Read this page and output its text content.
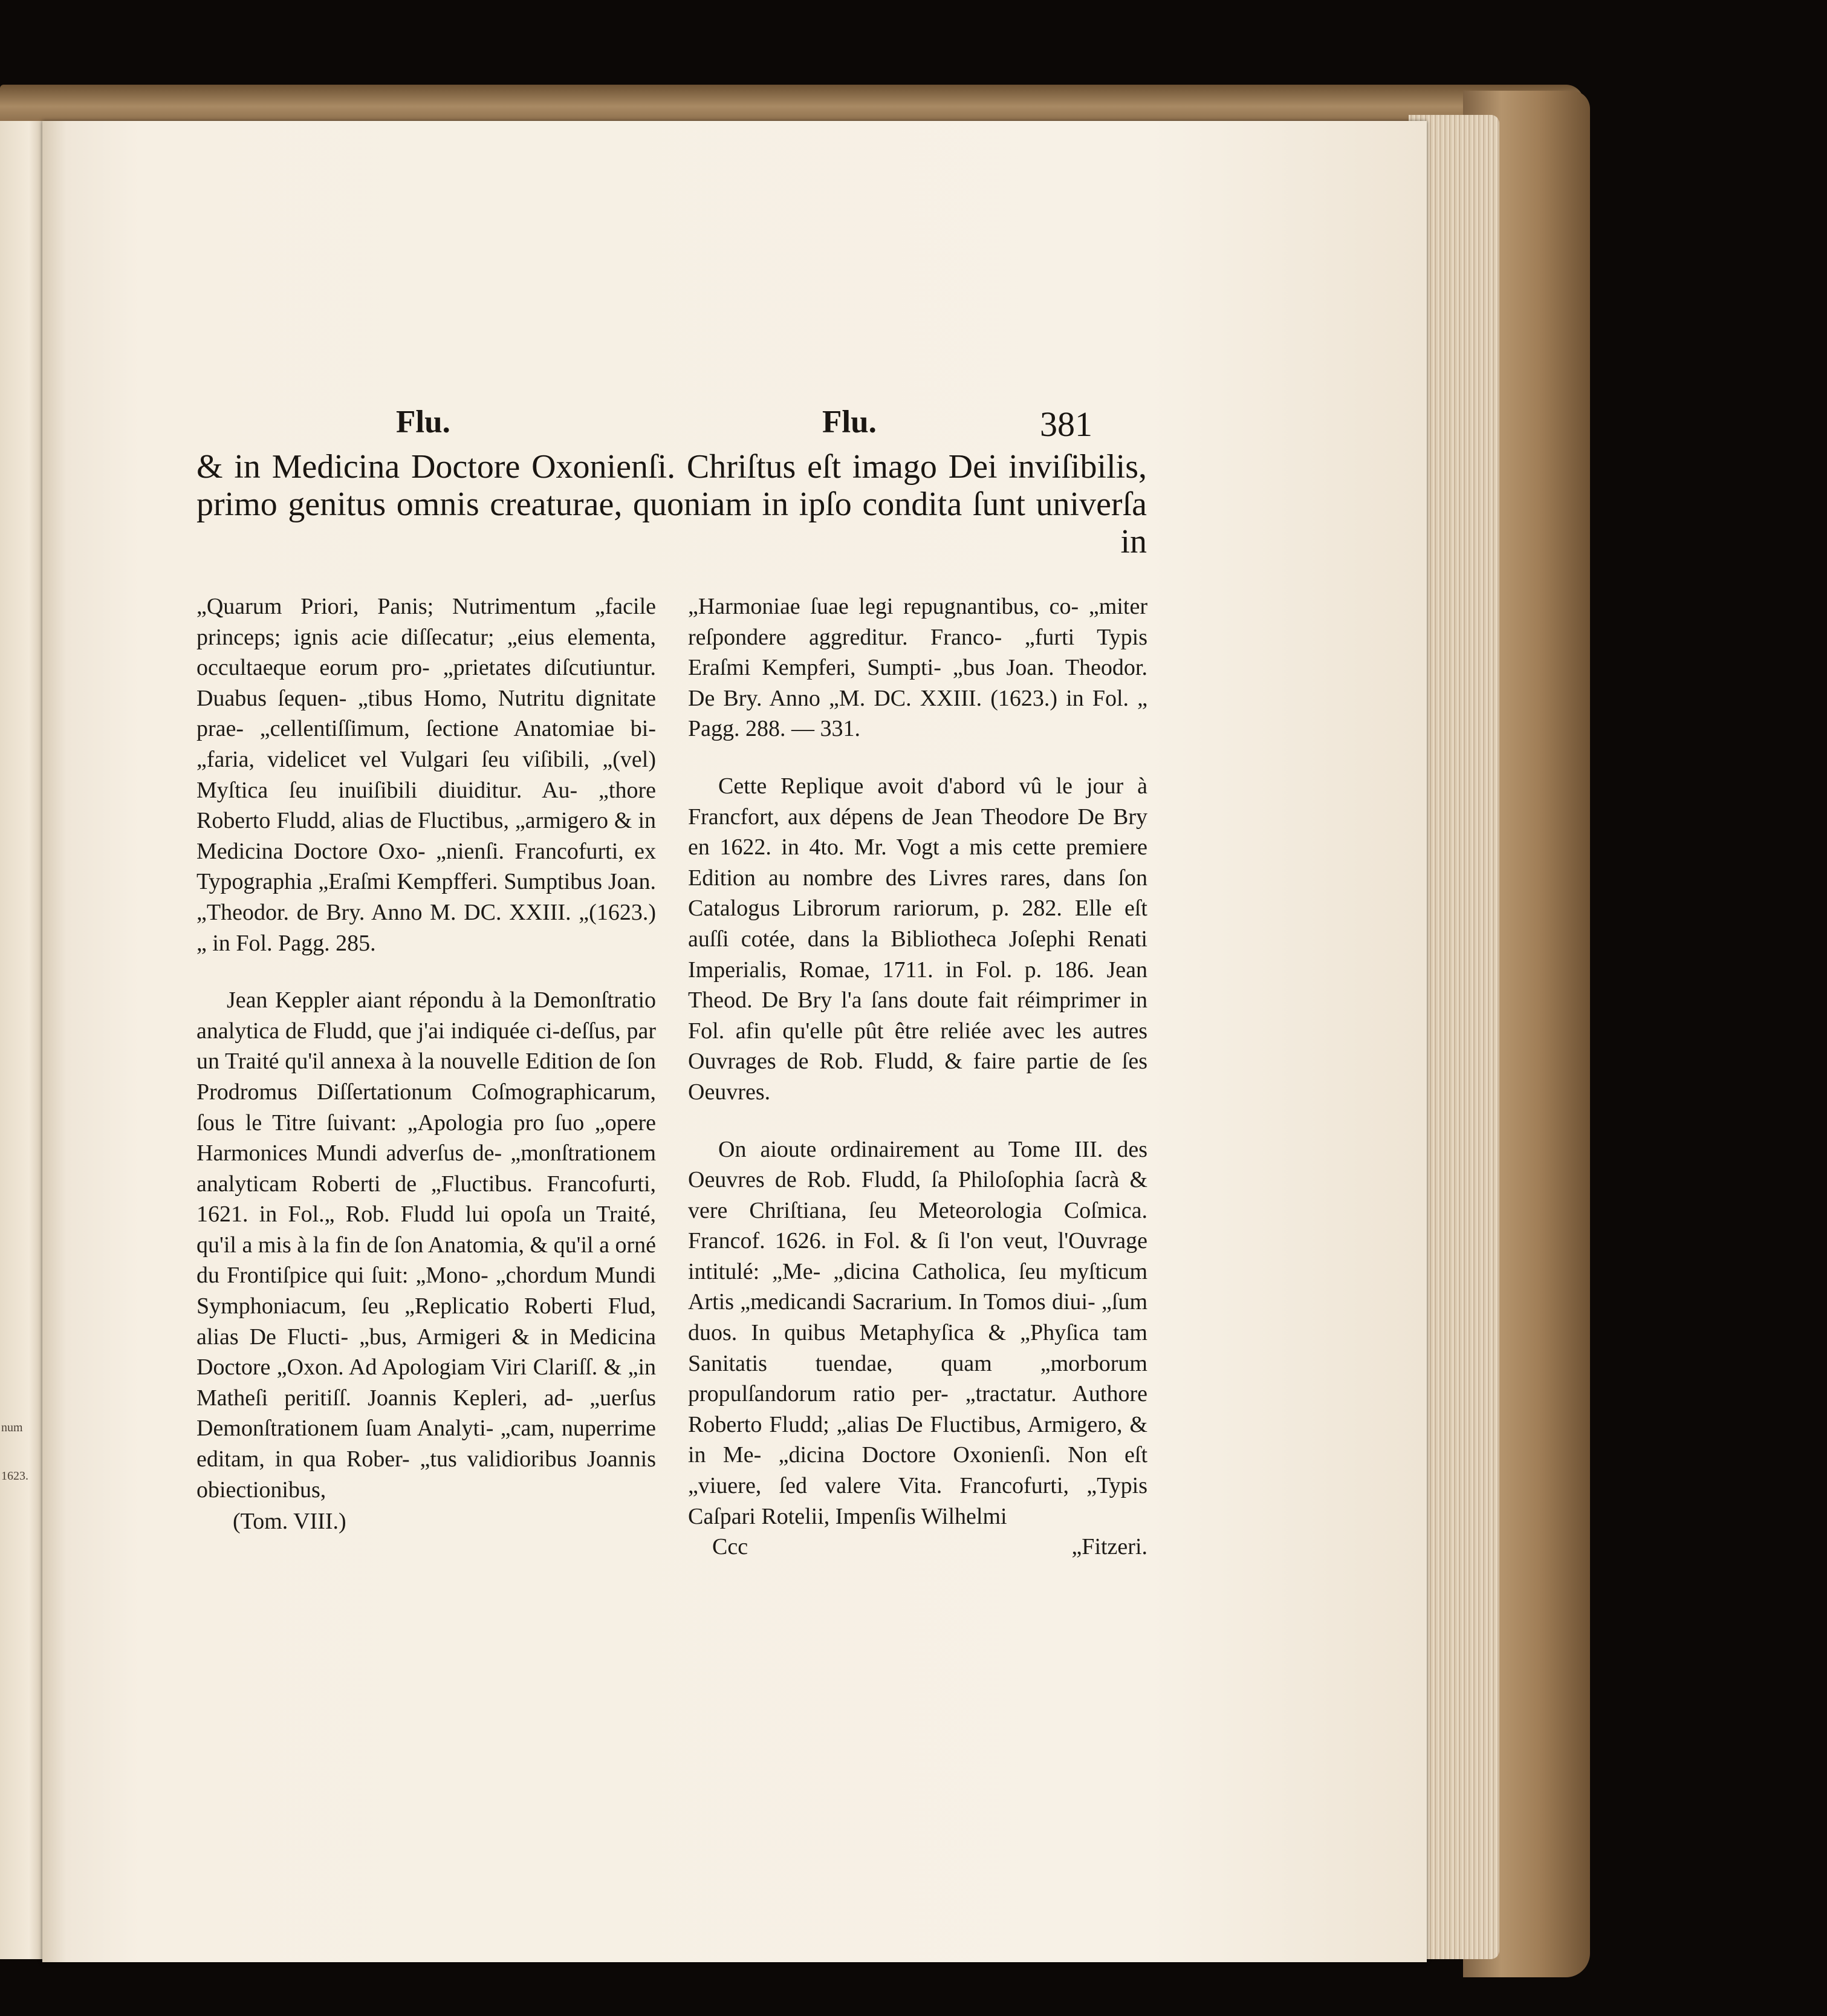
num
1623.
Flu.	Flu.	381
& in Medicina Doctore Oxonienſi. Chriſtus eſt imago Dei inviſibilis,
primo genitus omnis creaturae, quoniam in ipſo condita ſunt univerſa
in

„Quarum Priori, Panis; Nutrimentum „facile princeps; ignis acie diſſecatur; „eius elementa, occultaeque eorum pro- „prietates diſcutiuntur. Duabus ſequen- „tibus Homo, Nutritu dignitate prae- „cellentiſſimum, ſectione Anatomiae bi- „faria, videlicet vel Vulgari ſeu viſibili, „(vel) Myſtica ſeu inuiſibili diuiditur. Au- „thore Roberto Fludd, alias de Fluctibus, „armigero & in Medicina Doctore Oxo- „nienſi. Francofurti, ex Typographia „Eraſmi Kempfferi. Sumptibus Joan. „Theodor. de Bry. Anno M. DC. XXIII. „(1623.) „ in Fol. Pagg. 285.

Jean Keppler aiant répondu à la Demonſtratio analytica de Fludd, que j'ai indiquée ci-deſſus, par un Traité qu'il annexa à la nouvelle Edition de ſon Prodromus Diſſertationum Coſmographicarum, ſous le Titre ſuivant: „Apologia pro ſuo „opere Harmonices Mundi adverſus de- „monſtrationem analyticam Roberti de „Fluctibus. Francofurti, 1621. in Fol.„ Rob. Fludd lui opoſa un Traité, qu'il a mis à la fin de ſon Anatomia, & qu'il a orné du Frontiſpice qui ſuit: „Mono- „chordum Mundi Symphoniacum, ſeu „Replicatio Roberti Flud, alias De Flucti- „bus, Armigeri & in Medicina Doctore „Oxon. Ad Apologiam Viri Clariſſ. & „in Matheſi peritiſſ. Joannis Kepleri, ad- „uerſus Demonſtrationem ſuam Analyti- „cam, nuperrime editam, in qua Rober- „tus validioribus Joannis obiectionibus,

(Tom. VIII.)

„Harmoniae ſuae legi repugnantibus, co- „miter reſpondere aggreditur. Franco- „furti Typis Eraſmi Kempferi, Sumpti- „bus Joan. Theodor. De Bry. Anno „M. DC. XXIII. (1623.) in Fol. „ Pagg. 288. — 331.

Cette Replique avoit d'abord vû le jour à Francfort, aux dépens de Jean Theodore De Bry en 1622. in 4to. Mr. Vogt a mis cette premiere Edition au nombre des Livres rares, dans ſon Catalogus Librorum rariorum, p. 282. Elle eſt auſſi cotée, dans la Bibliotheca Joſephi Renati Imperialis, Romae, 1711. in Fol. p. 186. Jean Theod. De Bry l'a ſans doute fait réimprimer in Fol. afin qu'elle pût être reliée avec les autres Ouvrages de Rob. Fludd, & faire partie de ſes Oeuvres.

On aioute ordinairement au Tome III. des Oeuvres de Rob. Fludd, ſa Philoſophia ſacrà & vere Chriſtiana, ſeu Meteorologia Coſmica. Francof. 1626. in Fol. & ſi l'on veut, l'Ouvrage intitulé: „Me- „dicina Catholica, ſeu myſticum Artis „medicandi Sacrarium. In Tomos diui- „ſum duos. In quibus Metaphyſica & „Phyſica tam Sanitatis tuendae, quam „morborum propulſandorum ratio per- „tractatur. Authore Roberto Fludd; „alias De Fluctibus, Armigero, & in Me- „dicina Doctore Oxonienſi. Non eſt „viuere, ſed valere Vita. Francofurti, „Typis Caſpari Rotelii, Impenſis Wilhelmi

Ccc	„Fitzeri.
